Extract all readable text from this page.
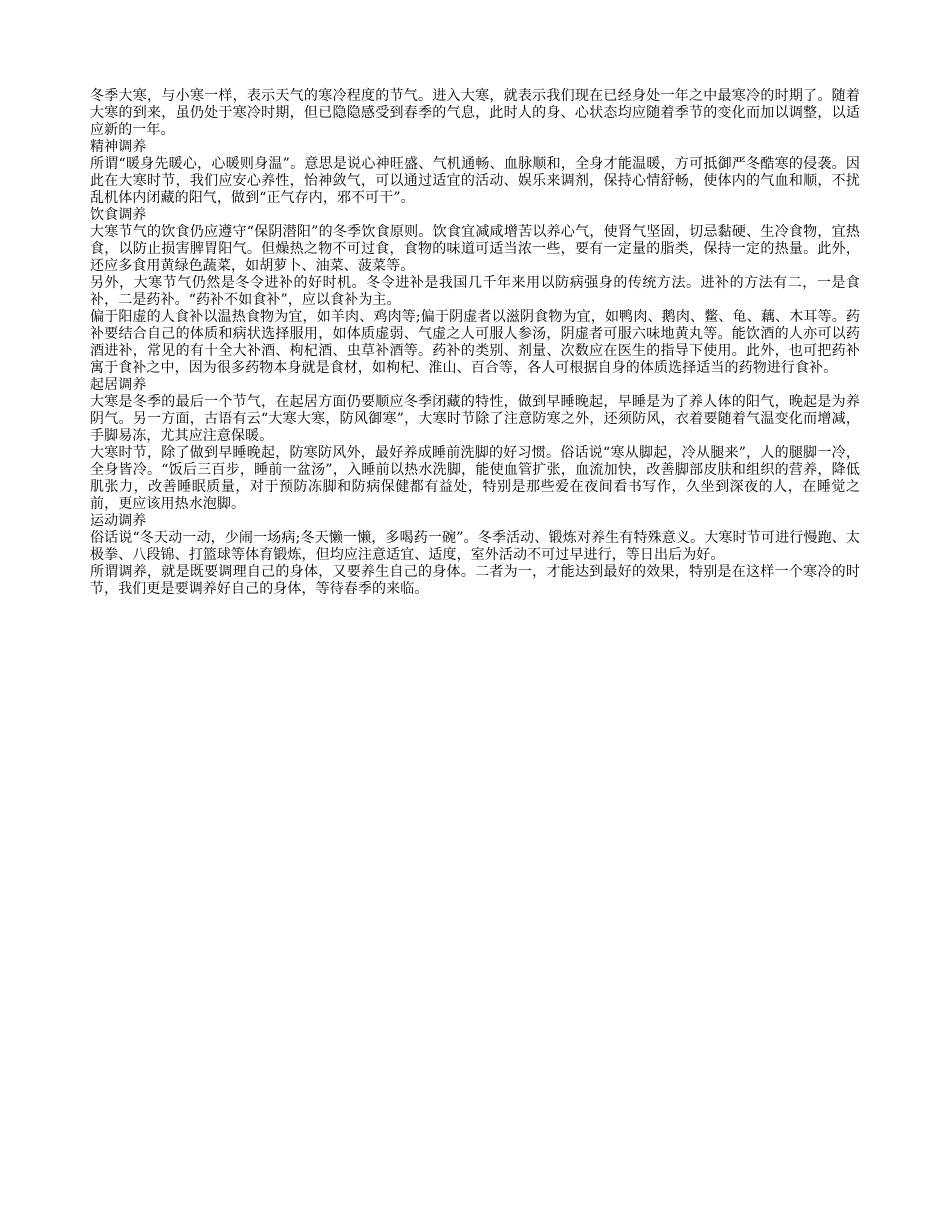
冬季大寒，与小寒一样，表示天气的寒冷程度的节气。进入大寒，就表示我们现在已经身处一年之中最寒冷的时期了。随着大寒的到来，虽仍处于寒冷时期，但已隐隐感受到春季的气息，此时人的身、心状态均应随着季节的变化而加以调整，以适应新的一年。

精神调养

所谓“暖身先暖心，心暖则身温”。意思是说心神旺盛、气机通畅、血脉顺和，全身才能温暖，方可抵御严冬酷寒的侵袭。因此在大寒时节，我们应安心养性，怡神敛气，可以通过适宜的活动、娱乐来调剂，保持心情舒畅，使体内的气血和顺，不扰乱机体内闭藏的阳气，做到“正气存内，邪不可干”。

饮食调养

大寒节气的饮食仍应遵守“保阴潜阳”的冬季饮食原则。饮食宜减咸增苦以养心气，使肾气坚固，切忌黏硬、生冷食物，宜热食，以防止损害脾胃阳气。但燥热之物不可过食，食物的味道可适当浓一些，要有一定量的脂类，保持一定的热量。此外，还应多食用黄绿色蔬菜，如胡萝卜、油菜、菠菜等。

另外，大寒节气仍然是冬令进补的好时机。冬令进补是我国几千年来用以防病强身的传统方法。进补的方法有二，一是食补，二是药补。“药补不如食补”，应以食补为主。

偏于阳虚的人食补以温热食物为宜，如羊肉、鸡肉等;偏于阴虚者以滋阴食物为宜，如鸭肉、鹅肉、鳖、龟、藕、木耳等。药补要结合自己的体质和病状选择服用，如体质虚弱、气虚之人可服人参汤，阴虚者可服六味地黄丸等。能饮酒的人亦可以药酒进补，常见的有十全大补酒、枸杞酒、虫草补酒等。药补的类别、剂量、次数应在医生的指导下使用。此外，也可把药补寓于食补之中，因为很多药物本身就是食材，如枸杞、淮山、百合等，各人可根据自身的体质选择适当的药物进行食补。

起居调养

大寒是冬季的最后一个节气，在起居方面仍要顺应冬季闭藏的特性，做到早睡晚起，早睡是为了养人体的阳气，晚起是为养阴气。另一方面，古语有云“大寒大寒，防风御寒”，大寒时节除了注意防寒之外，还须防风，衣着要随着气温变化而增减，手脚易冻，尤其应注意保暖。

大寒时节，除了做到早睡晚起，防寒防风外，最好养成睡前洗脚的好习惯。俗话说“寒从脚起，冷从腿来”，人的腿脚一冷，全身皆冷。“饭后三百步，睡前一盆汤”，入睡前以热水洗脚，能使血管扩张，血流加快，改善脚部皮肤和组织的营养，降低肌张力，改善睡眠质量，对于预防冻脚和防病保健都有益处，特别是那些爱在夜间看书写作，久坐到深夜的人，在睡觉之前，更应该用热水泡脚。

运动调养

俗话说“冬天动一动，少闹一场病;冬天懒一懒，多喝药一碗”。冬季活动、锻炼对养生有特殊意义。大寒时节可进行慢跑、太极拳、八段锦、打篮球等体育锻炼，但均应注意适宜、适度，室外活动不可过早进行，等日出后为好。

所谓调养，就是既要调理自己的身体，又要养生自己的身体。二者为一，才能达到最好的效果，特别是在这样一个寒冷的时节，我们更是要调养好自己的身体，等待春季的来临。
